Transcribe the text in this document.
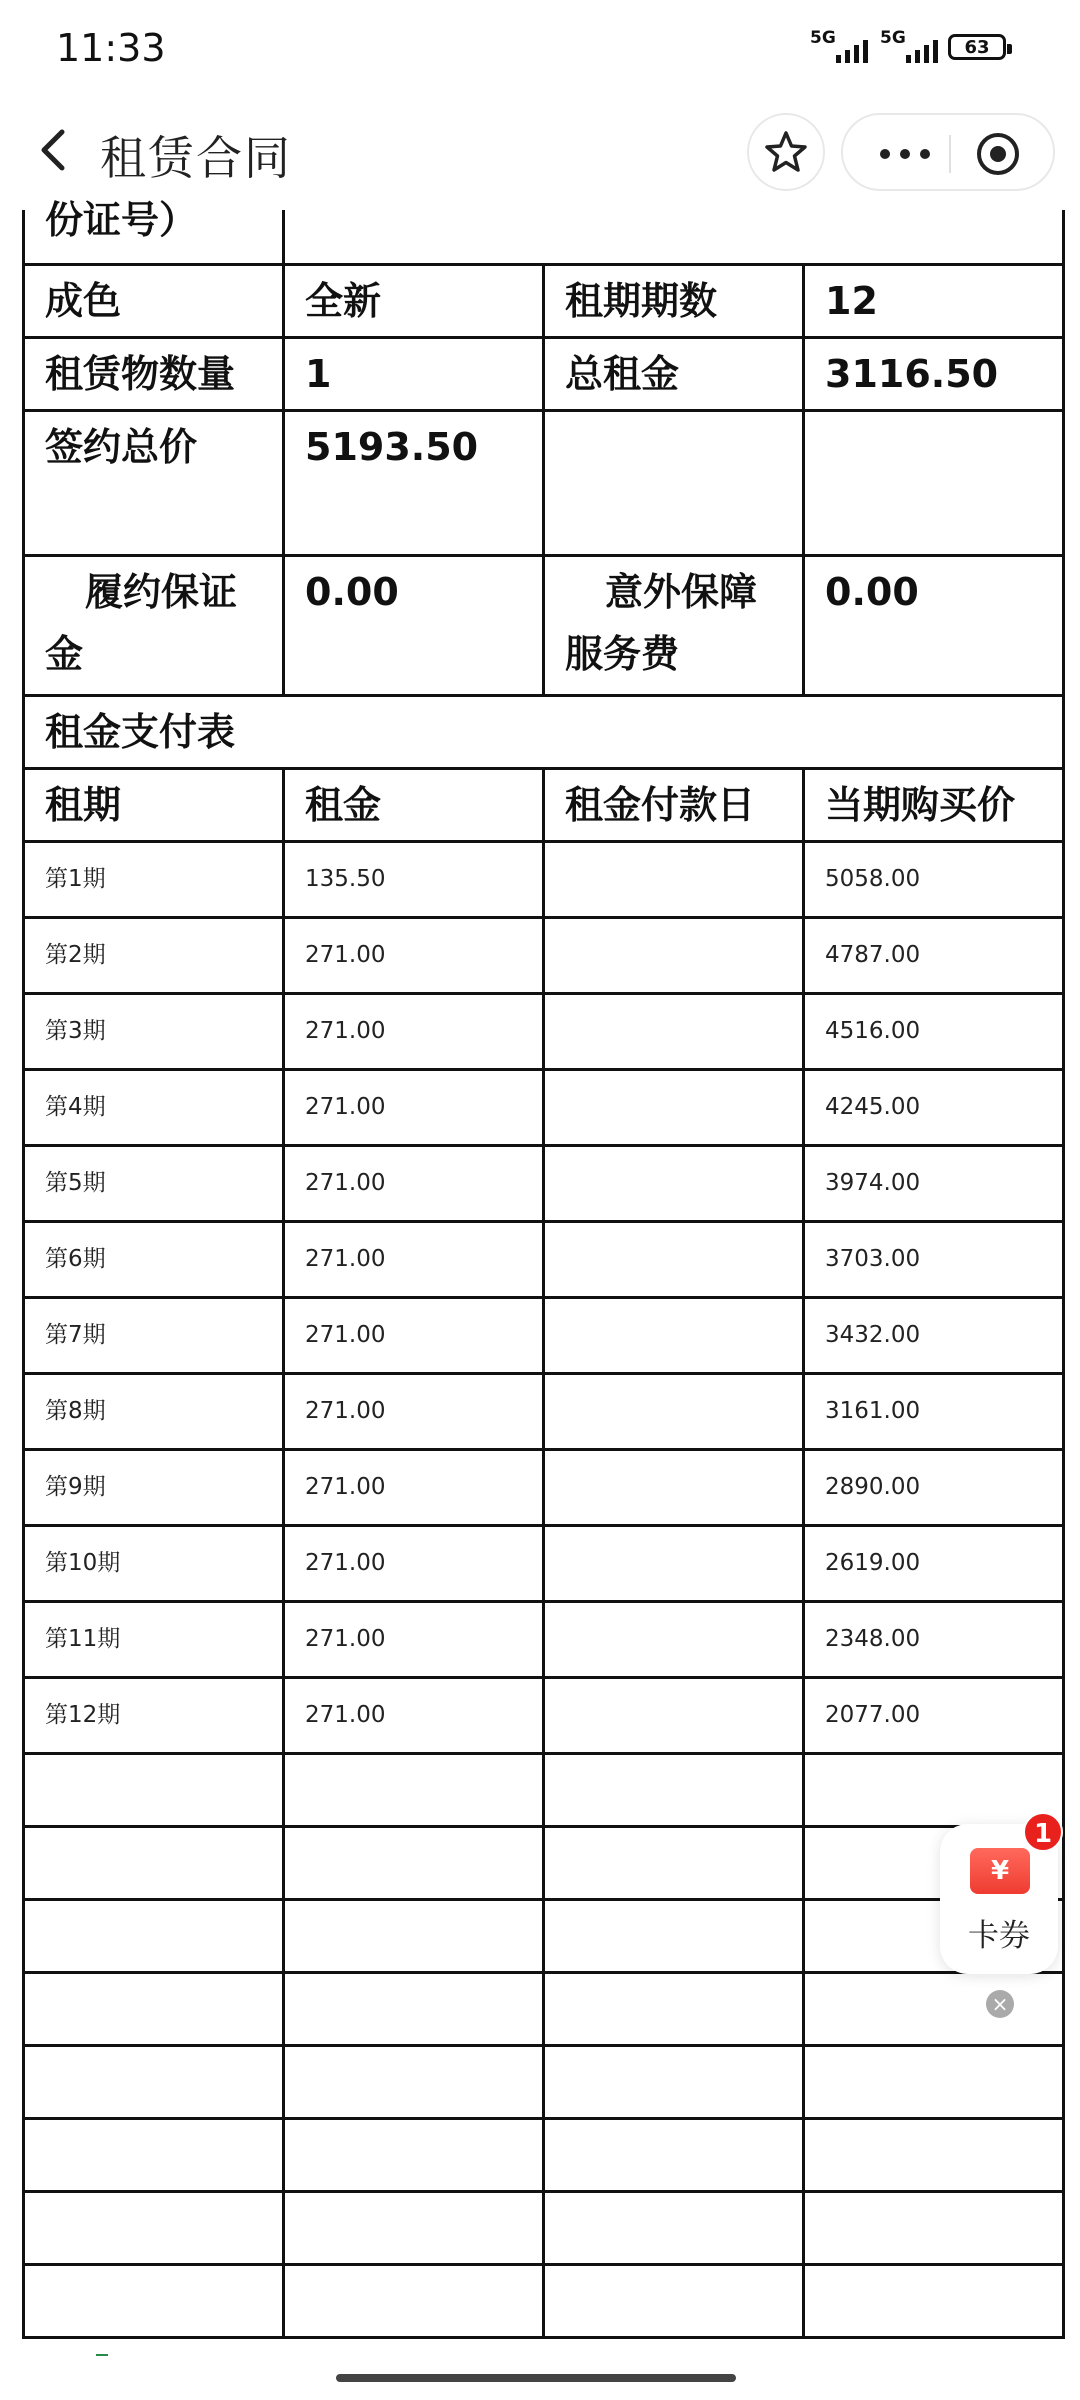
11:33	5G	5G	63
租赁合同
份证号）			
成色	全新	租期期数	12
租赁物数量	1	总租金	3116.50
签约总价	5193.50		
履约保证金	0.00	意外保障服务费	0.00
租金支付表			
租期	租金	租金付款日	当期购买价
第1期	135.50		5058.00
第2期	271.00		4787.00
第3期	271.00		4516.00
第4期	271.00		4245.00
第5期	271.00		3974.00
第6期	271.00		3703.00
第7期	271.00		3432.00
第8期	271.00		3161.00
第9期	271.00		2890.00
第10期	271.00		2619.00
第11期	271.00		2348.00
第12期	271.00		2077.00

¥
卡券
1
×
